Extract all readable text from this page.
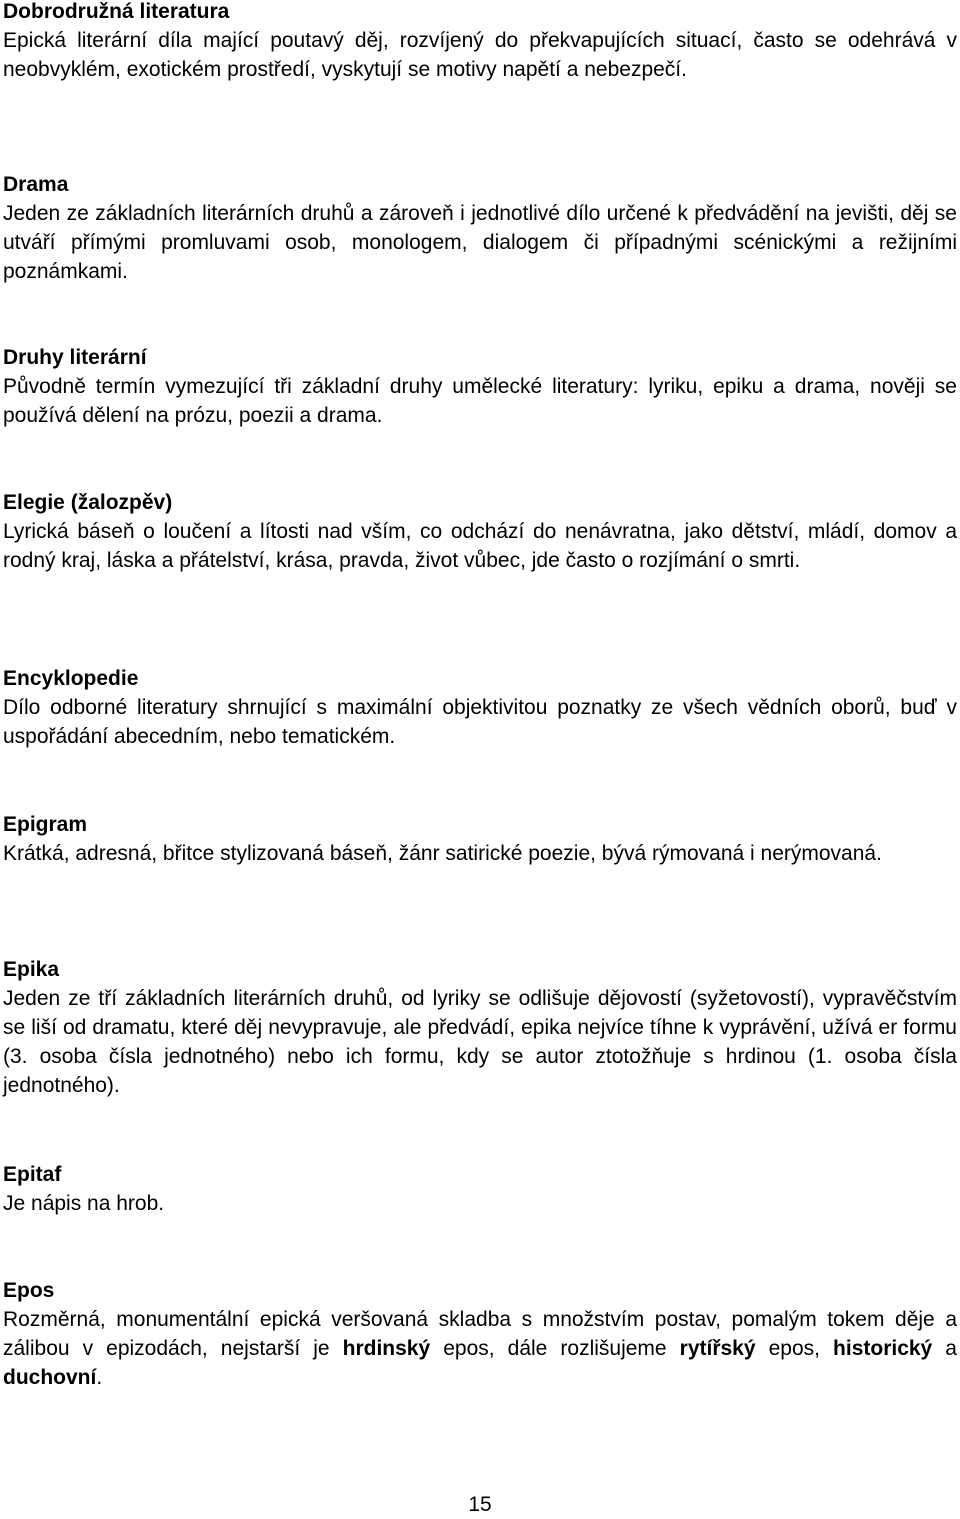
Dobrodružná literatura
Epická literární díla mající poutavý děj, rozvíjený do překvapujících situací, často se odehrává v neobvyklém, exotickém prostředí, vyskytují se motivy napětí a nebezpečí.
Drama
Jeden ze základních literárních druhů a zároveň i jednotlivé dílo určené k předvádění na jevišti, děj se utváří přímými promluvami osob, monologem, dialogem či případnými scénickými a režijními poznámkami.
Druhy literární
Původně termín vymezující tři základní druhy umělecké literatury: lyriku, epiku a drama, nověji se používá dělení na prózu, poezii a drama.
Elegie (žalozpěv)
Lyrická báseň o loučení a lítosti nad vším, co odchází do nenávratna, jako dětství, mládí, domov a rodný kraj, láska a přátelství, krása, pravda, život vůbec, jde často o rozjímání o smrti.
Encyklopedie
Dílo odborné literatury shrnující s maximální objektivitou poznatky ze všech vědních oborů, buď v uspořádání abecedním, nebo tematickém.
Epigram
Krátká, adresná, břitce stylizovaná báseň, žánr satirické poezie, bývá rýmovaná i nerýmovaná.
Epika
Jeden ze tří základních literárních druhů, od lyriky se odlišuje dějovostí (syžetovostí), vypravěčstvím se liší od dramatu, které děj nevypravuje, ale předvádí, epika nejvíce tíhne k vyprávění, užívá er formu (3. osoba čísla jednotného) nebo ich formu, kdy se autor ztotožňuje s hrdinou (1. osoba čísla jednotného).
Epitaf
Je nápis na hrob.
Epos
Rozměrná, monumentální epická veršovaná skladba s množstvím postav, pomalým tokem děje a zálibou v epizodách, nejstarší je hrdinský epos, dále rozlišujeme rytířský epos, historický a duchovní.
15
